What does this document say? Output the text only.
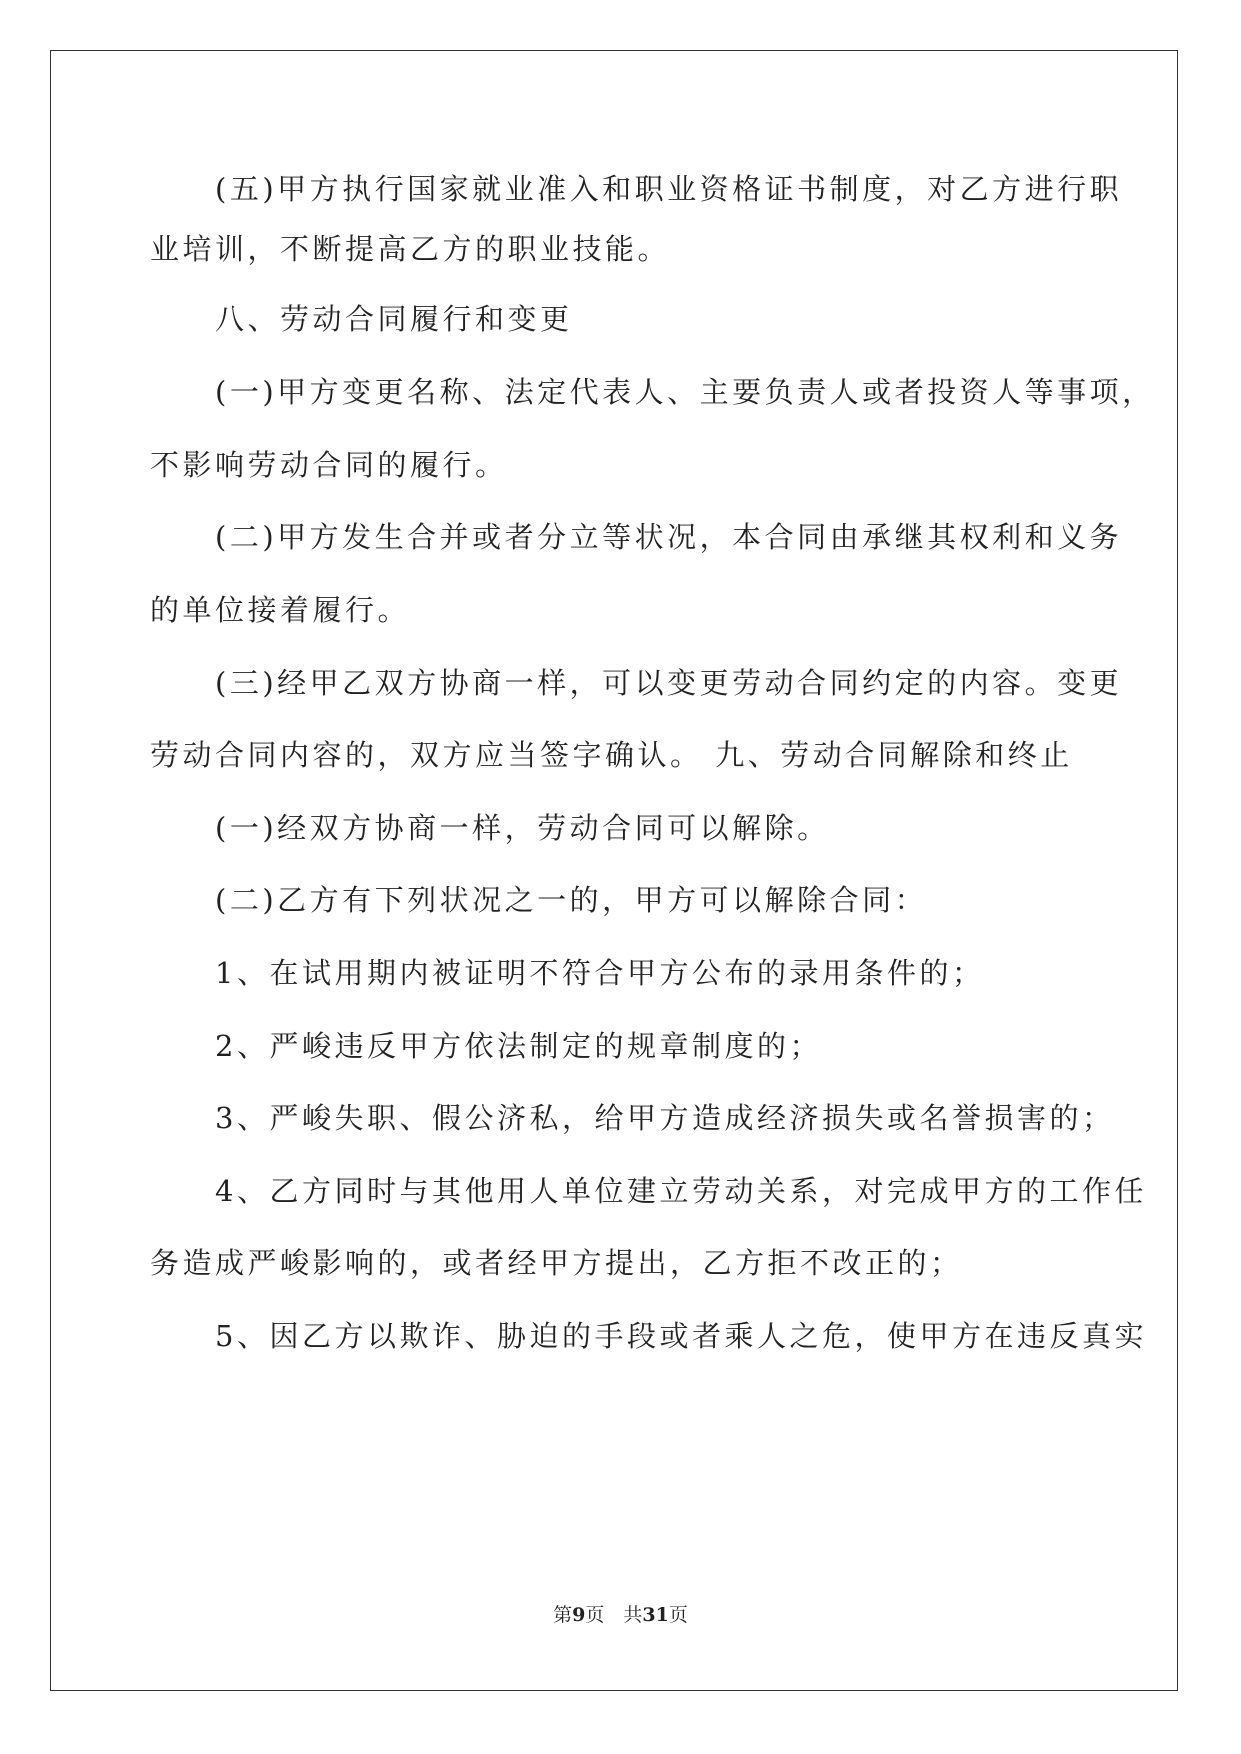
　　(五)甲方执行国家就业准入和职业资格证书制度，对乙方进行职
业培训，不断提高乙方的职业技能。
　　八、劳动合同履行和变更
　　(一)甲方变更名称、法定代表人、主要负责人或者投资人等事项，
不影响劳动合同的履行。
　　(二)甲方发生合并或者分立等状况，本合同由承继其权利和义务
的单位接着履行。
　　(三)经甲乙双方协商一样，可以变更劳动合同约定的内容。变更
劳动合同内容的，双方应当签字确认。 九、劳动合同解除和终止
　　(一)经双方协商一样，劳动合同可以解除。
　　(二)乙方有下列状况之一的，甲方可以解除合同：
　　1、在试用期内被证明不符合甲方公布的录用条件的；
　　2、严峻违反甲方依法制定的规章制度的；
　　3、严峻失职、假公济私，给甲方造成经济损失或名誉损害的；
　　4、乙方同时与其他用人单位建立劳动关系，对完成甲方的工作任
务造成严峻影响的，或者经甲方提出，乙方拒不改正的；
　　5、因乙方以欺诈、胁迫的手段或者乘人之危，使甲方在违反真实
第9页　共31页
